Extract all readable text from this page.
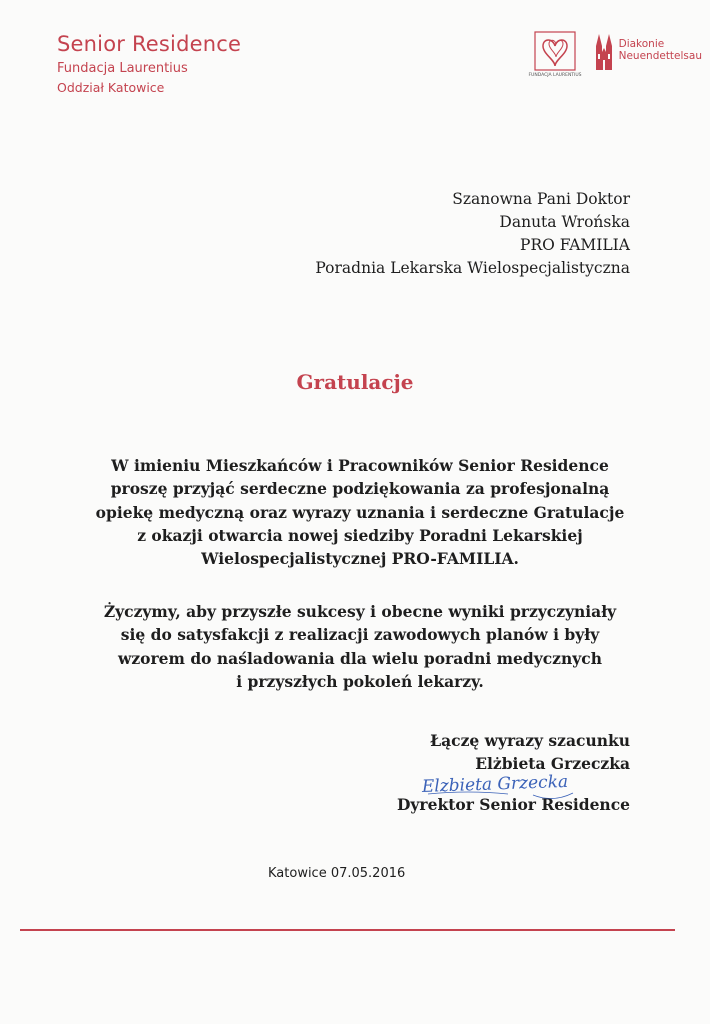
Senior Residence
Fundacja Laurentius
Oddział Katowice
FUNDACJA LAURENTIUS
Diakonie
Neuendettelsau
Szanowna Pani Doktor
Danuta Wrońska
PRO FAMILIA
Poradnia Lekarska Wielospecjalistyczna
Gratulacje
W imieniu Mieszkańców i Pracowników Senior Residence
proszę przyjąć serdeczne podziękowania za profesjonalną
opiekę medyczną oraz wyrazy uznania i serdeczne Gratulacje
z okazji otwarcia nowej siedziby Poradni Lekarskiej
Wielospecjalistycznej PRO-FAMILIA.
Życzymy, aby przyszłe sukcesy i obecne wyniki przyczyniały
się do satysfakcji z realizacji zawodowych planów i były
wzorem do naśladowania dla wielu poradni medycznych
i przyszłych pokoleń lekarzy.
Łączę wyrazy szacunku
Elżbieta Grzeczka
Elzbieta Grzecka
Dyrektor Senior Residence
Katowice 07.05.2016
